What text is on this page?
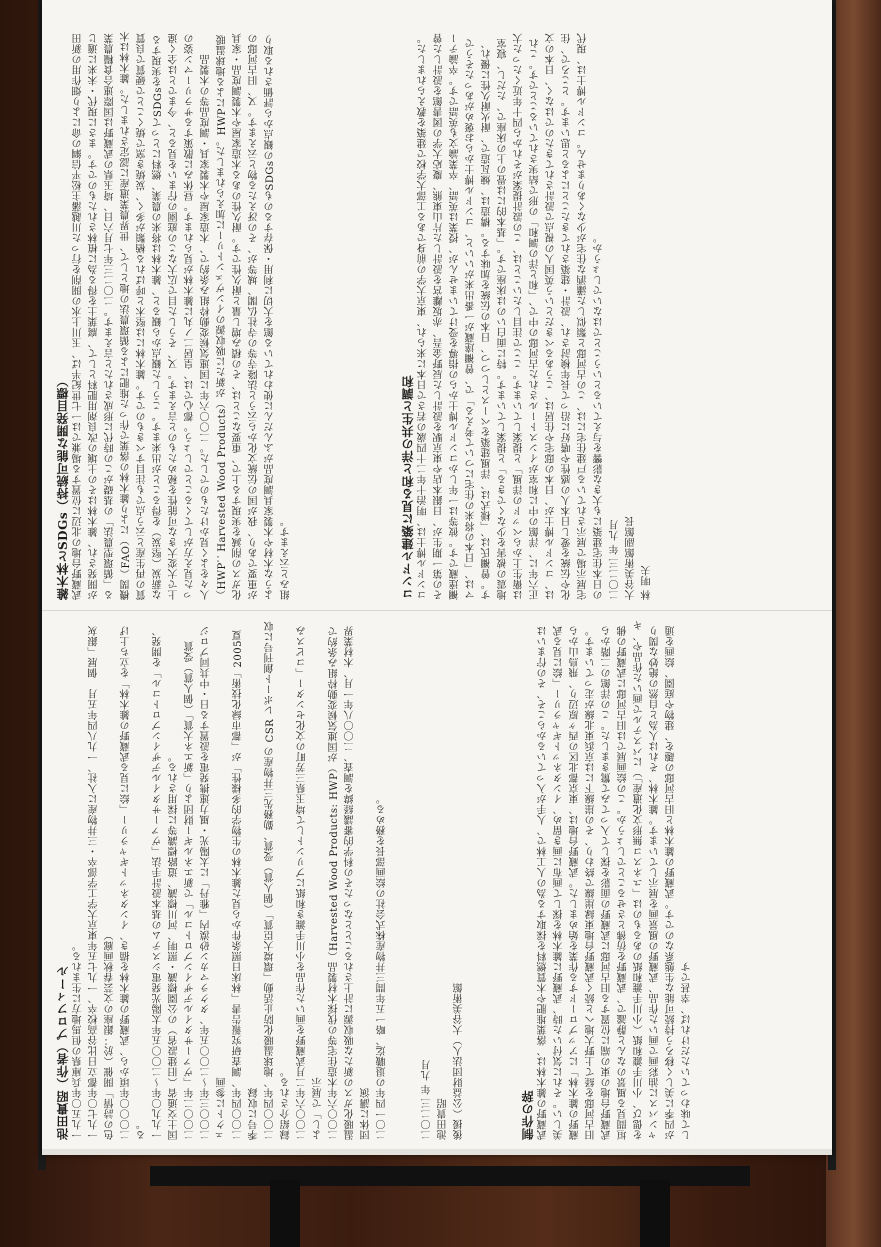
コンドル建築に見る和と洋の共生と調和 コンドル博士は、明治十年二十四歳の若さで日本に来られ、東京大学の前身である工部大学校で建築を教えられました。その第一期生が、日銀本店や東京駅を設計した辰野金吾、赤坂離宮を設計した片山東熊、慶応大学の図書館を設計した曾禰達蔵です。彼等は一年しかコンドル博士からの指導を受けていませんが、授業は英語、卒業論文も英語です。卒論テーマは、「日本の将来の住宅について考える」で、曾禰達蔵が一番出来がいいと、コンドル博士からお褒めがあったそうです。曾禰氏は、「様式は、洋風建築をベースとしつつ、日本の伝統を加味する。構造は、煉瓦造で、耐火耐久性に優れ、地震の被害を少なくできる」と提案しています。特に面白いのは床座です。「基本的には畳の上の床座で、ただし、寝室は衛生上からベッドの洋風」と提案しています。ここで注目したいことは、この設計提案がそれから四十年近くたった大正六年に、洋館の中に和室がインストールされた古河邸の中で、「和と洋の調和」の形で結実されていることです。これは、コンドル博士が、日本の邸宅や住居は、こうあるべきだという英国人の視点で設計されてきたのではなく、日本の文化や伝統を愛し日本人の感性や嗜好に沿って長年検討され、設計・建築されてきたことによると思います。ところで、住宅展示場で展示されている戸建住宅には、この古河邸と類似した瀟洒な住宅が少なくありません。コンドル博士は、現代の日本住宅建築にも大きな影響を与えているということではないでしょうか。 二〇二三 年 九月 大谷美術館副館長 林 明夫
雑木林とSDGs（持続可能な開発目標） 武蔵野台地の北辺に位置する場兼では一七世紀半ば、玉川上水の開削を行った川越藩主松平信綱の命により畑作用の新田が開発され、雑木林はその土壌の改良剤用肥料として、腐葉土を得る為に植林されたものです。まさに現代・未来に適じる「循環型農法」の基礎がこの時代に形成されたと言えます。二〇二三年七月六日、埼玉県の武蔵野は国際連合食糧農業機関（FAO）により雑木林の落葉で作った堆肥による循環農法の地として、世界農業遺産に認定されました。雑木林は木質の再生産と云う点でも注目すべきものです。雑木林には堅木と呼ばれる楢類が多く、炭焼き窯で焼くことで硬質で良質な薪炭（堅炭）を得ることが出来ます。こうした観点から観ると、雑木林は将来の農業、燃料にとってSDGsを実現する上で大変大きな可能性を秘めたものと言えます。又、そうした目で広大なこの庭園の佇まいを見ると、今までとは全く違った見え方がしてくることでしょう。都心では、皇居二ノ丸に雑木林が見られます。昼休みに散策するサラリーマン姿の人々をよく見かけたものでした。二〇〇六年に国連気候変動枠組み条約で、木造家屋や木製家具・調度品等の木製品（HWP：Harvested Wood Products）が新たに吸収源のインヴェントリーに加えられました。HWPによる地球温暖化ガスの削減を実現する上で、重要なことは、その積み増し量と耐久性です。耐久性のある木造家屋や木製調度品・家具が重要であり、我が国の伝統文化から云うと法隆寺等の寺社仏閣、城等が、その冴えたる物と云えます。又、旧古河邸のような木材や木製家具調度品がふんだんに使われている館を大切に利用・保存するのもSDGsの観点から評価される取り組みと云えます。
制作の辞 武蔵野の雑木林は、落葉堆肥や木質燃料を採取する為の人工林で、人手が入っているからこそ、その佇まいは美しい。それに気付いた時、武蔵野に雑木林を探して画布に画き留め、インタネットギャラリー「絵に見る武蔵野の雑木林」にアップロードする作業を始めました。武蔵野台地は、東京都北区の西ヶ原辺り、飛鳥山から旧古河邸を経て上野大地へと続く武蔵野台地東縁崖線で終わり、その崖線下には京浜東北線が走っています。武蔵野台地の東の端に位置する旧古河邸に武蔵野の面影を探して入ってみて驚きました。この洋館の二階から垣間見る風景のなんと静謐で、武蔵野を彷彿とさせることでしょうか。この絵画展では旧古河邸に武蔵野の佛を偲び、小川手漉和紙（小川手漉和紙のあるものは「ユネスコ無形文化遺産」）にパステルで画いた作品や、キャンバスに油彩画で画いた作品、武蔵野の風景画を展示しています。雑木林、それは人為と自然の絶妙な関りが四季に美しく移ろう持続可能な生態系なのです。武蔵野の雑木林と旧古河邸の趣を、建物や庭園、絵画を通して味わっていただければ、幸甚です
二〇二三 年 九月 池田貴昭 後援（公益財団法人）大谷美術館
池田貴昭（作者）プロフィール 一九五〇年兵庫県の但馬地方に生まれる。 一九七〇年都立日比谷高校卒、一九七五年東京大学工学部卒・三井物産に入社、一九八四年五月　個展「銀灰色の詩情」開催（於：銀座の文芸春秋画廊） 二〇〇〇年頃から、武蔵野の雑木林を描き、インタネットギャラリー「絵に見る武蔵野の雑木林」を立ち上げる。 一九九〇年〜二〇〇五年太陽光発電システムの基本設計手法「ヴァーサタイルデザインプロトコル」を開発、国土交通省（旧建設省）の公園標識・照明、河川標識、道路標識等に採用される。 二〇〇二年「ヴァーサタイルデザインプロトコル」で新エネルギー財団より「新エネ大賞」（個人賞）受賞 二〇〇三年〜二〇〇五年、タクラマカン砂漠内「雅丹」に太陽光・風力連携発電を設置する日・中共同プロジェクトに参画 二〇〇四年、調査研究報告書「林床日照条件から見た雑木林の生物学的多様性」が「都市緑化技術」2005夏季号に収録 二〇〇四年、地球温暖化防止活動「環境大臣賞」（個人賞）受賞、勤務先三井物産の CSR レポート創刊号に収録紹介される。 二〇〇六年二月武蔵野を画いた作品を小川手漉き和紙にプリントして埼玉県三芳町の文化センター「コピスみよし」で展示 二〇〇六年木造住宅等の伐採木材製品（Harvested Wood Products: HWP）が国連気候変動枠組み条約で温暖化ガスの新たな吸収源に計上されることとなったその科学的審議経緯を調査、二〇〇八年一月、木材業界団体に講演 二〇一四年の退職迄、略一五年間三井物産株式会社の絵画部長を務める。
